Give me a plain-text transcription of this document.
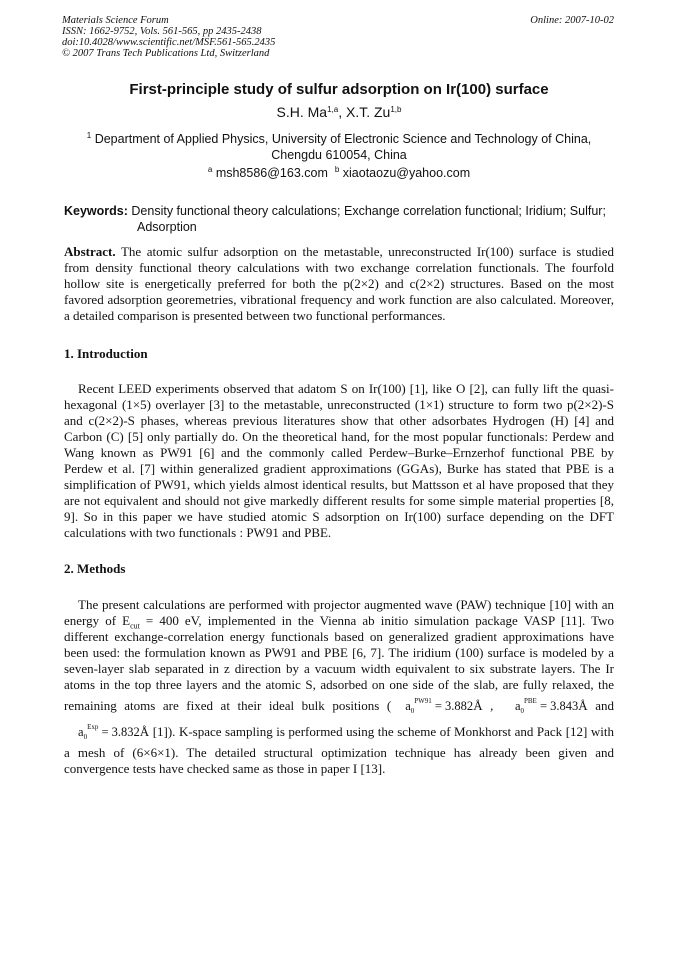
Materials Science Forum
ISSN: 1662-9752, Vols. 561-565, pp 2435-2438
doi:10.4028/www.scientific.net/MSF.561-565.2435
© 2007 Trans Tech Publications Ltd, Switzerland
Online: 2007-10-02
First-principle study of sulfur adsorption on Ir(100) surface
S.H. Ma$^{1,a}$, X.T. Zu$^{1,b}$
$^1$ Department of Applied Physics, University of Electronic Science and Technology of China,
Chengdu 610054, China
$^a$ msh8586@163.com $^b$ xiaotaozu@yahoo.com
Keywords: Density functional theory calculations; Exchange correlation functional; Iridium; Sulfur;
Adsorption
Abstract. The atomic sulfur adsorption on the metastable, unreconstructed Ir(100) surface is studied from density functional theory calculations with two exchange correlation functionals. The fourfold hollow site is energetically preferred for both the p(2×2) and c(2×2) structures. Based on the most favored adsorption georemetries, vibrational frequency and work function are also calculated. Moreover, a detailed comparison is presented between two functional performances.
1. Introduction
Recent LEED experiments observed that adatom S on Ir(100) [1], like O [2], can fully lift the quasi-hexagonal (1×5) overlayer [3] to the metastable, unreconstructed (1×1) structure to form two p(2×2)-S and c(2×2)-S phases, whereas previous literatures show that other adsorbates Hydrogen (H) [4] and Carbon (C) [5] only partially do. On the theoretical hand, for the most popular functionals: Perdew and Wang known as PW91 [6] and the commonly called Perdew–Burke–Ernzerhof functional PBE by Perdew et al. [7] within generalized gradient approximations (GGAs), Burke has stated that PBE is a simplification of PW91, which yields almost identical results, but Mattsson et al have proposed that they are not equivalent and should not give markedly different results for some simple material properties [8, 9]. So in this paper we have studied atomic S adsorption on Ir(100) surface depending on the DFT calculations with two functionals : PW91 and PBE.
2. Methods
The present calculations are performed with projector augmented wave (PAW) technique [10] with an energy of $E_{cut} = 400$ eV, implemented in the Vienna ab initio simulation package VASP [11]. Two different exchange-correlation energy functionals based on generalized gradient approximations have been used: the formulation known as PW91 and PBE [6, 7]. The iridium (100) surface is modeled by a seven-layer slab separated in z direction by a vacuum width equivalent to six substrate layers. The Ir atoms in the top three layers and the atomic S, adsorbed on one side of the slab, are fully relaxed, the remaining atoms are fixed at their ideal bulk positions ( $a_0^{PW91}$ = 3.882Å , $a_0^{PBE}$ = 3.843Å and $a_0^{Exp}$ = 3.832Å [1]). K-space sampling is performed using the scheme of Monkhorst and Pack [12] with a mesh of (6×6×1). The detailed structural optimization technique has already been given and convergence tests have checked same as those in paper I [13].
